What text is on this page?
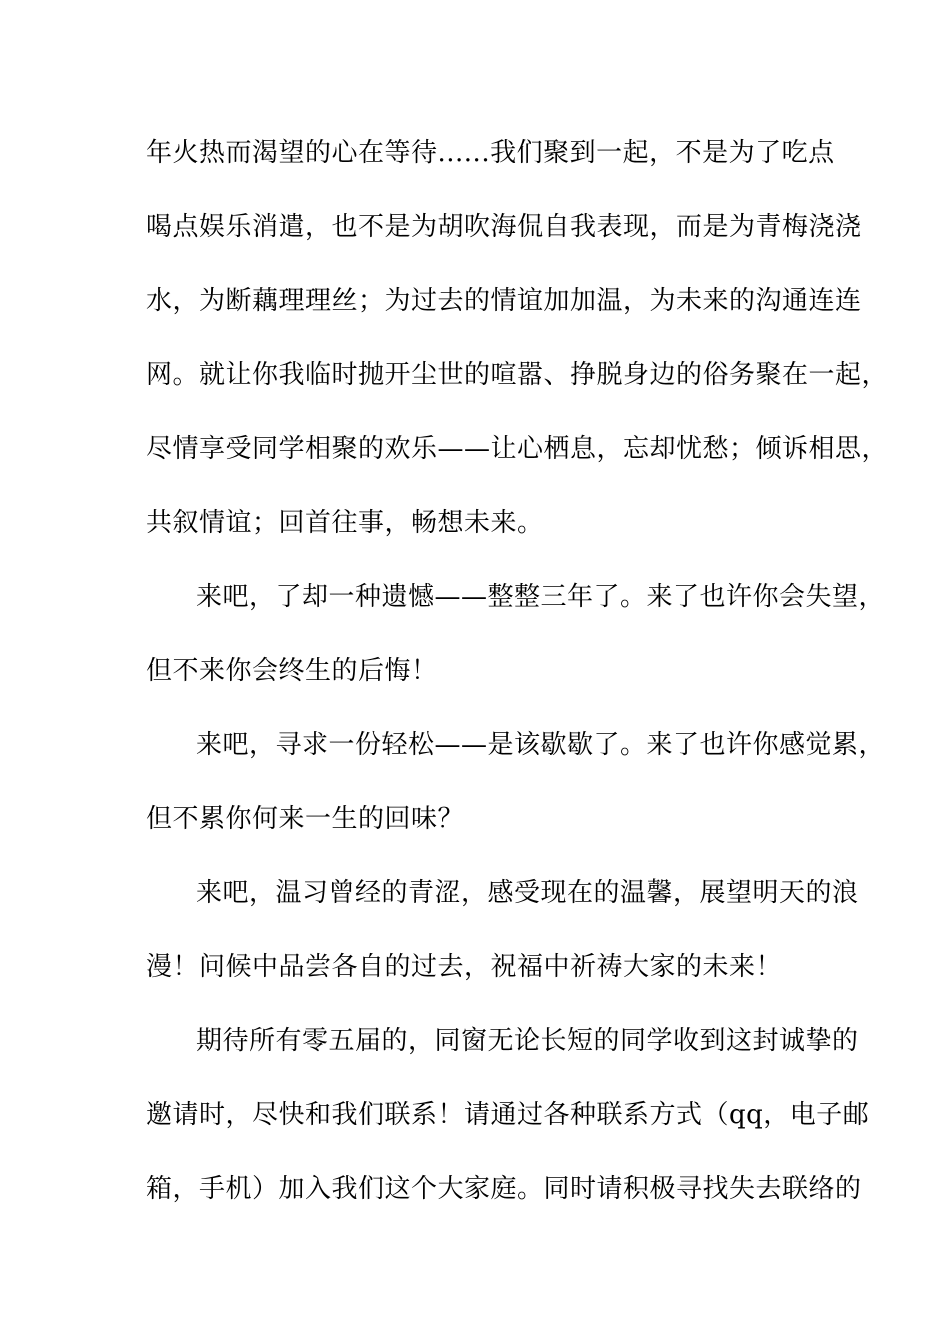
年火热而渴望的心在等待......我们聚到一起，不是为了吃点
喝点娱乐消遣，也不是为胡吹海侃自我表现，而是为青梅浇浇
水，为断藕理理丝；为过去的情谊加加温，为未来的沟通连连
网。就让你我临时抛开尘世的喧嚣、挣脱身边的俗务聚在一起，
尽情享受同学相聚的欢乐——让心栖息，忘却忧愁；倾诉相思，
共叙情谊；回首往事，畅想未来。
来吧，了却一种遗憾——整整三年了。来了也许你会失望，
但不来你会终生的后悔！
来吧，寻求一份轻松——是该歇歇了。来了也许你感觉累，
但不累你何来一生的回味？
来吧，温习曾经的青涩，感受现在的温馨，展望明天的浪
漫！问候中品尝各自的过去，祝福中祈祷大家的未来！
期待所有零五届的，同窗无论长短的同学收到这封诚挚的
邀请时，尽快和我们联系！请通过各种联系方式（qq，电子邮
箱，手机）加入我们这个大家庭。同时请积极寻找失去联络的
